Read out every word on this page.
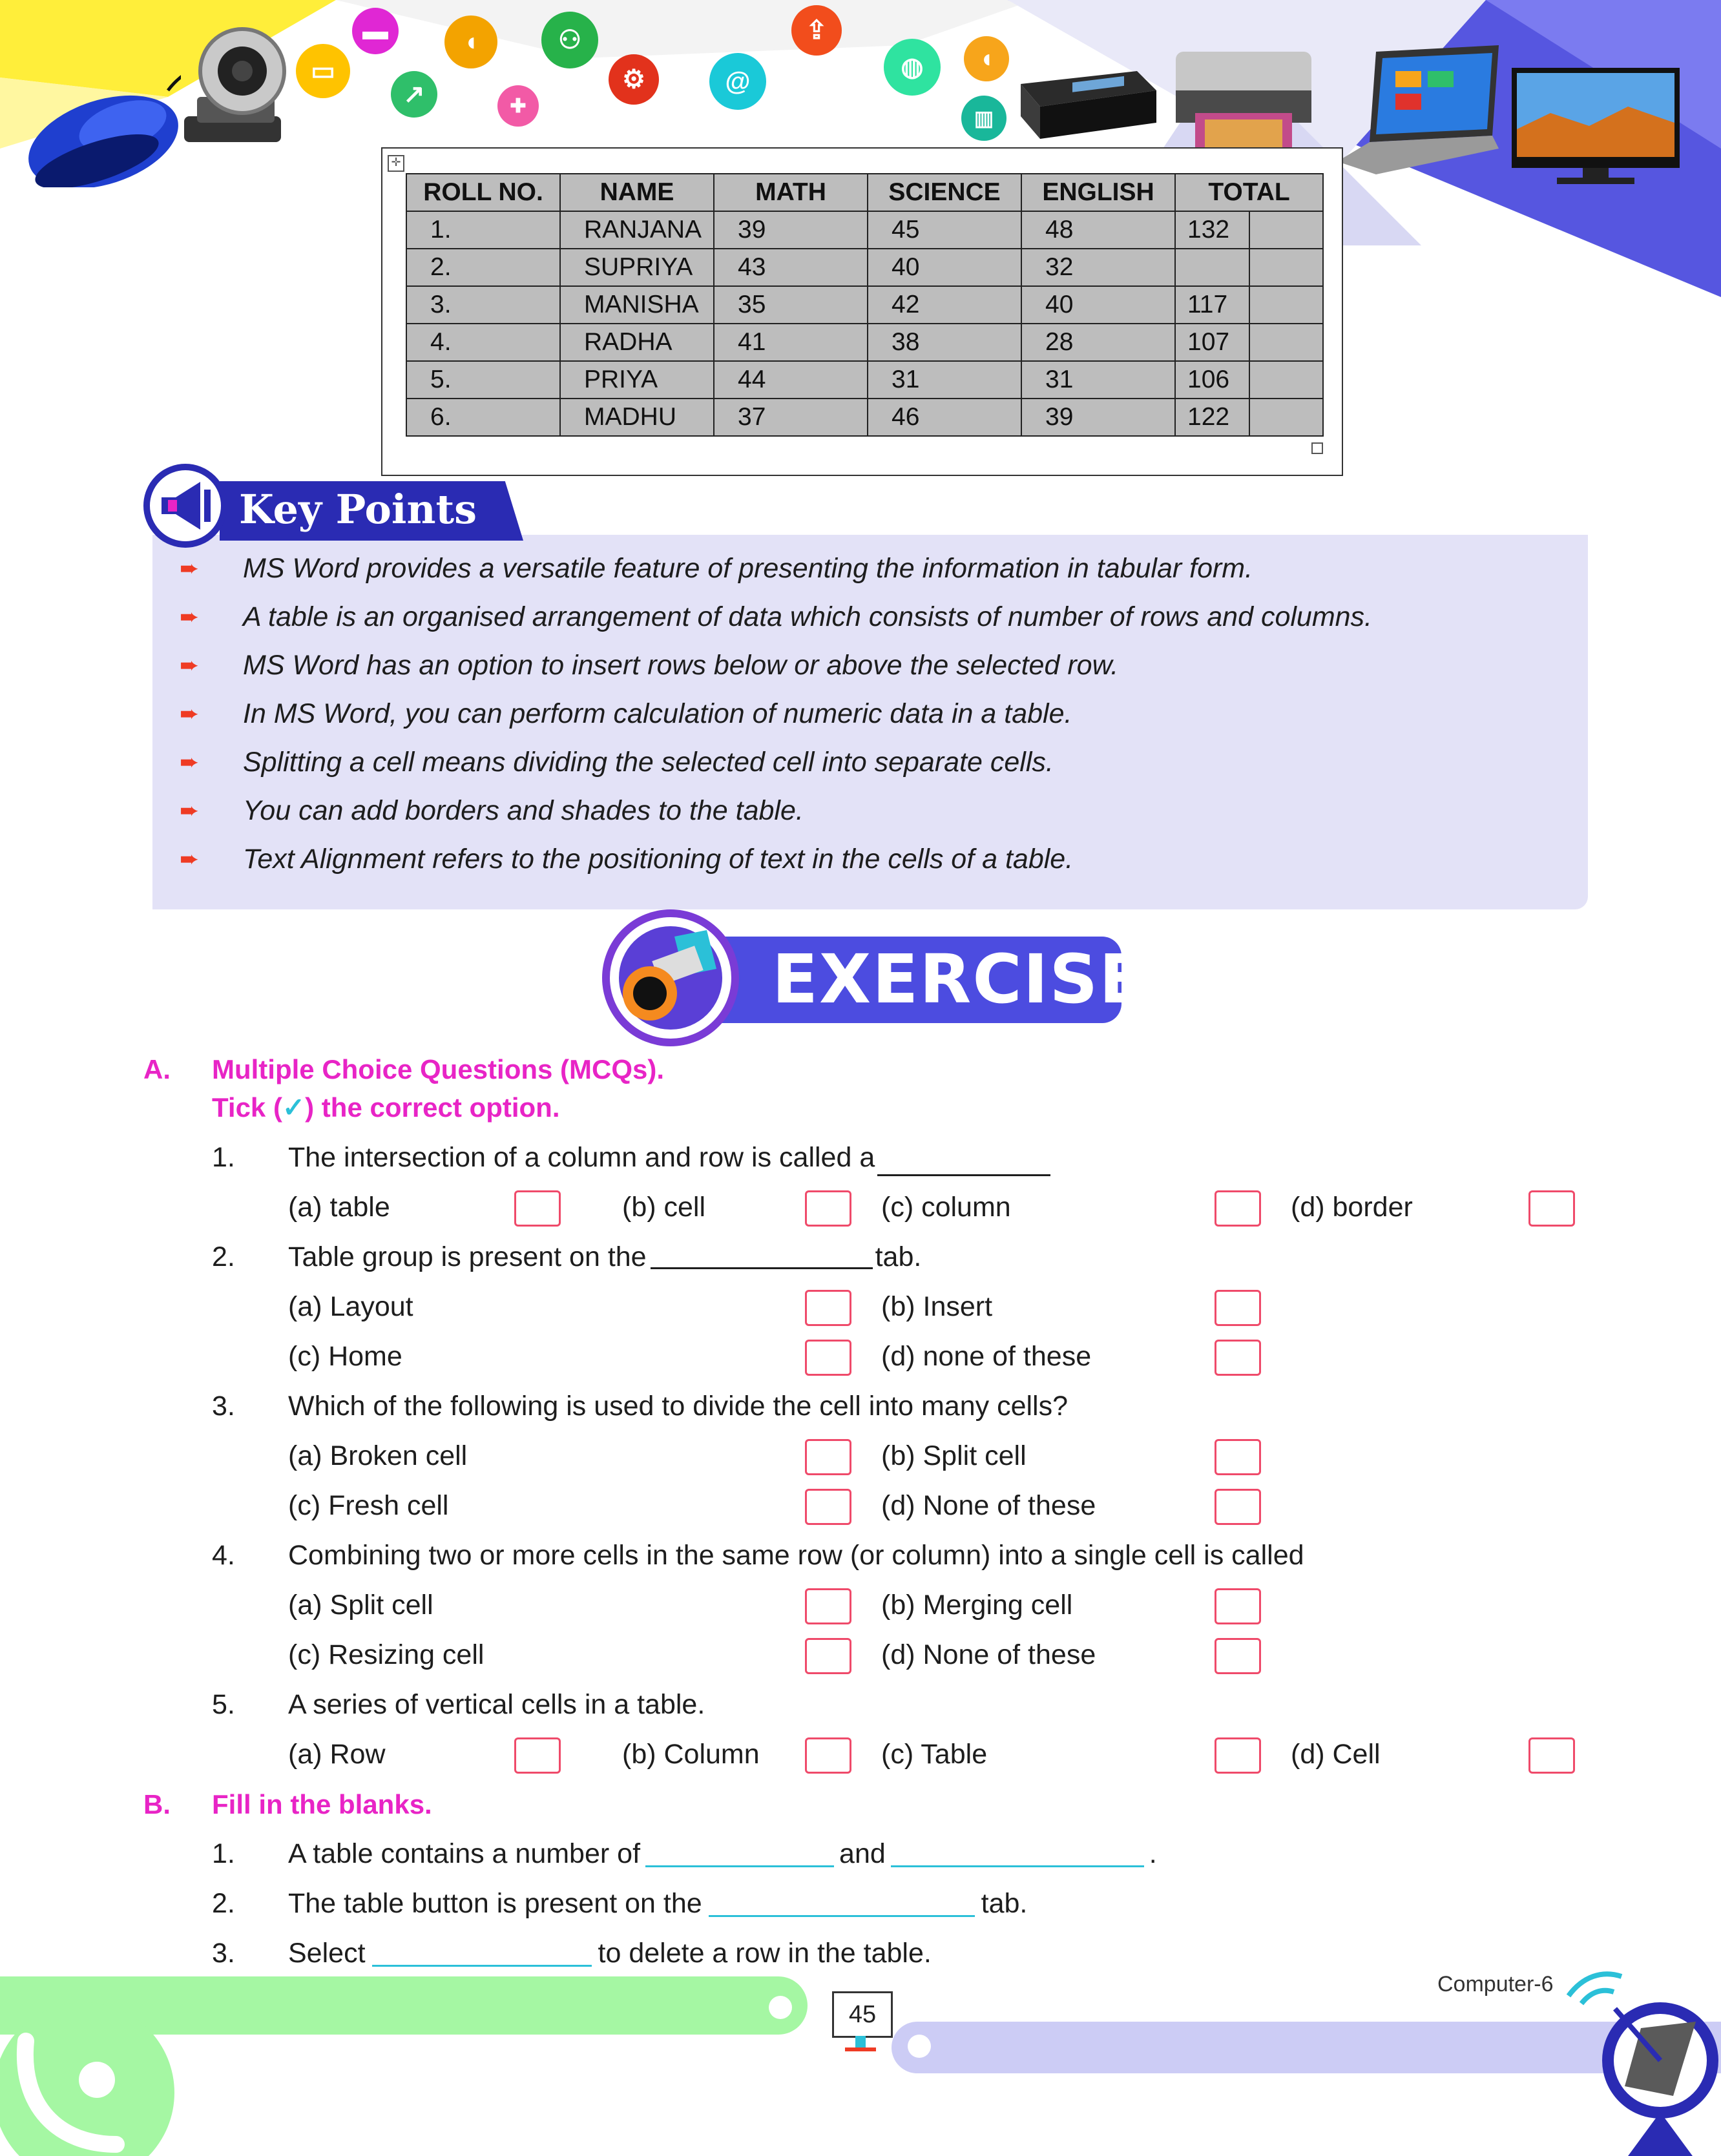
▭
▬
↗	✚
◖	⚇
⚙	@
⇪
◍	◖
▥
✛
ROLL NO.	NAME	MATH	SCIENCE	ENGLISH	TOTAL	
1.	RANJANA	39	45	48	132	
2.	SUPRIYA	43	40	32		
3.	MANISHA	35	42	40	117	
4.	RADHA	41	38	28	107	
5.	PRIYA	44	31	31	106	
6.	MADHU	37	46	39	122	
Key Points
➨	MS Word provides a versatile feature of presenting the information in tabular form.
➨	A table is an organised arrangement of data which consists of number of rows and columns.
➨	MS Word has an option to insert rows below or above the selected row.
➨	In MS Word, you can perform calculation of numeric data in a table.
➨	Splitting a cell means dividing the selected cell into separate cells.
➨	You can add borders and shades to the table.
➨	Text Alignment refers to the positioning of text in the cells of a table.
EXERCISE
A. Multiple Choice Questions (MCQs).
Tick (✓) the correct option.
1. The intersection of a column and row is called a
(a) table	(b) cell	(c) column	(d) border
2. Table group is present on the	tab.
(a) Layout	(b) Insert
(c) Home	(d) none of these
3. Which of the following is used to divide the cell into many cells?
(a) Broken cell	(b) Split cell
(c) Fresh cell	(d) None of these
4. Combining two or more cells in the same row (or column) into a single cell is called
(a) Split cell	(b) Merging cell
(c) Resizing cell	(d) None of these
5. A series of vertical cells in a table.
(a) Row	(b) Column	(c) Table	(d) Cell
B. Fill in the blanks.
1. A table contains a number of	and	.
2. The table button is present on the	tab.
3. Select	to delete a row in the table.
45
Computer-6
